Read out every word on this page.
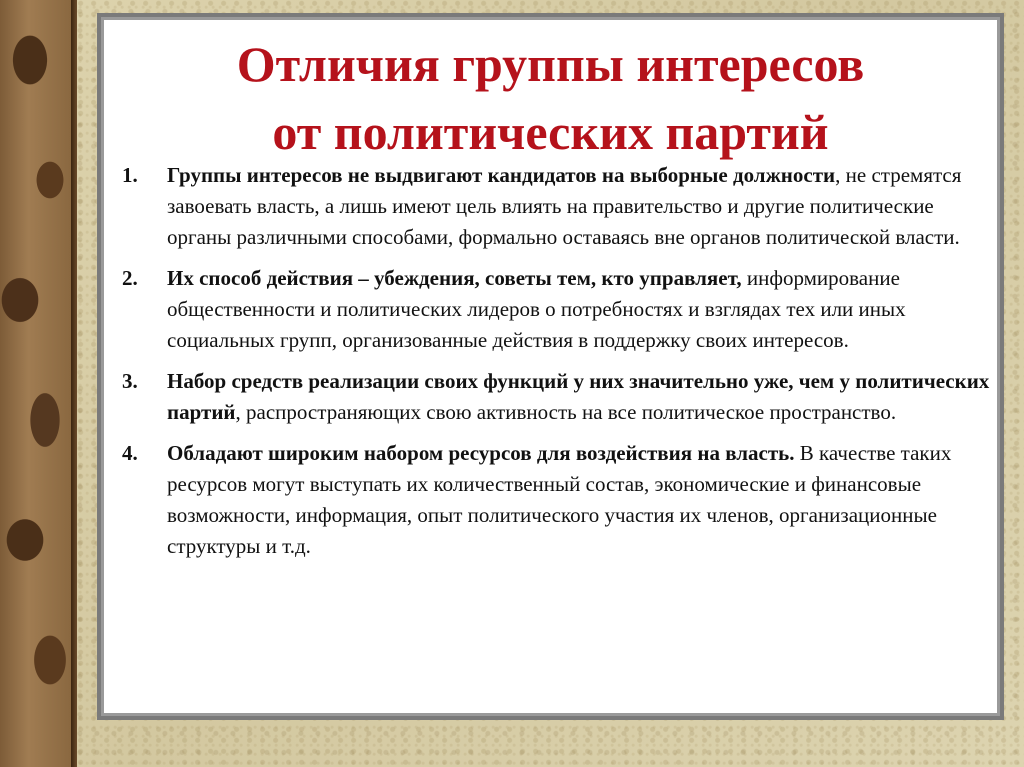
Отличия группы интересов
от политических партий
1. Группы интересов не выдвигают кандидатов на выборные должности, не стремятся завоевать власть, а лишь имеют цель влиять на правительство и другие политические органы различными способами, формально оставаясь вне органов политической власти.
2. Их способ действия – убеждения, советы тем, кто управляет, информирование общественности и политических лидеров о потребностях и взглядах тех или иных социальных групп, организованные действия в поддержку своих интересов.
3. Набор средств реализации своих функций у них значительно уже, чем у политических партий, распространяющих свою активность на все политическое пространство.
4. Обладают широким набором ресурсов для воздействия на власть. В качестве таких ресурсов могут выступать их количественный состав, экономические и финансовые возможности, информация, опыт политического участия их членов, организационные структуры и т.д.
